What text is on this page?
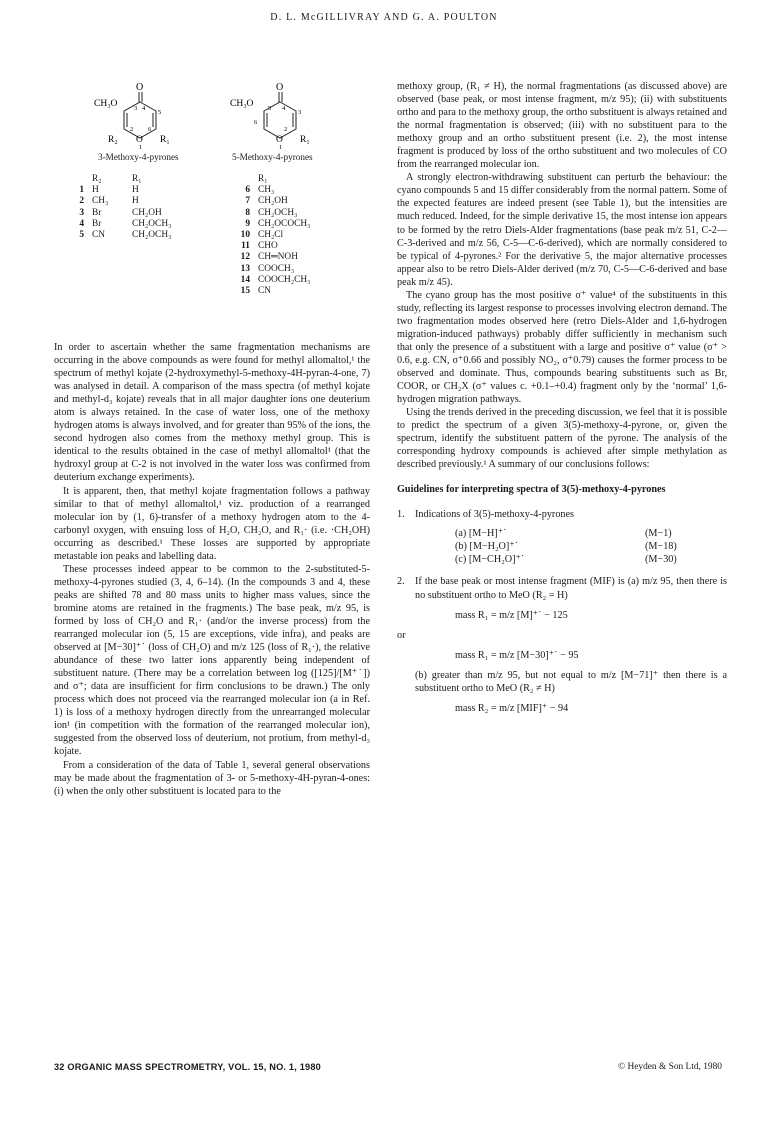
D. L. McGILLIVRAY AND G. A. POULTON
O
CH₃O	3 4
5
2 6
O
1
R₂	R₁
3-Methoxy-4-pyrones
O
CH₃O 5 4
3
6
2
O
1
R₁
5-Methoxy-4-pyrones
R₂	R₁
1 H	H
2 CH₃	H
3 Br	CH₂OH
4 Br	CH₂OCH₃
5 CN	CH₂OCH₃
R₁
6 CH₃
7 CH₂OH
8 CH₂OCH₃
9 CH₂OCOCH₃
10 CH₂Cl
11 CHO
12 CH═NOH
13 COOCH₃
14 COOCH₂CH₃
15 CN

In order to ascertain whether the same fragmentation mechanisms are occurring in the above compounds as were found for methyl allomaltol,¹ the spectrum of methyl kojate (2-hydroxymethyl-5-methoxy-4H-pyran-4-one, 7) was analysed in detail. A comparison of the mass spectra (of methyl kojate and methyl-d₃ kojate) reveals that in all major daughter ions one deuterium atom is always retained. In the case of water loss, one of the methoxy hydrogen atoms is always involved, and for greater than 95% of the ions, the second hydrogen also comes from the methoxy methyl group. This is identical to the results obtained in the case of methyl allomaltol¹ (that the hydroxyl group at C-2 is not involved in the water loss was confirmed from deuterium exchange experiments).

It is apparent, then, that methyl kojate fragmentation follows a pathway similar to that of methyl allomaltol,¹ viz. production of a rearranged molecular ion by (1, 6)-transfer of a methoxy hydrogen atom to the 4-carbonyl oxygen, with ensuing loss of H₂O, CH₂O, and R₁· (i.e. ·CH₂OH) occurring as described.¹ These losses are supported by appropriate metastable ion peaks and labelling data.

These processes indeed appear to be common to the 2-substituted-5-methoxy-4-pyrones studied (3, 4, 6–14). (In the compounds 3 and 4, these peaks are shifted 78 and 80 mass units to higher mass values, since the bromine atoms are retained in the fragments.) The base peak, m/z 95, is formed by loss of CH₂O and R₁· (and/or the inverse process) from the rearranged molecular ion (5, 15 are exceptions, vide infra), and peaks are observed at [M−30]⁺˙ (loss of CH₂O) and m/z 125 (loss of R₁·), the relative abundance of these two latter ions apparently being independent of substituent nature. (There may be a correlation between log ([125]/[M⁺˙]) and σ⁺; data are insufficient for firm conclusions to be drawn.) The only process which does not proceed via the rearranged molecular ion (a in Ref. 1) is loss of a methoxy hydrogen directly from the unrearranged molecular ion¹ (in competition with the formation of the rearranged molecular ion), suggested from the observed loss of deuterium, not protium, from methyl-d₃ kojate.

From a consideration of the data of Table 1, several general observations may be made about the fragmentation of 3- or 5-methoxy-4H-pyran-4-ones: (i) when the only other substituent is located para to the

methoxy group, (R₁ ≠ H), the normal fragmentations (as discussed above) are observed (base peak, or most intense fragment, m/z 95); (ii) with substituents ortho and para to the methoxy group, the ortho substituent is always retained and the normal fragmentation is observed; (iii) with no substituent para to the methoxy group and an ortho substituent present (i.e. 2), the most intense fragment is produced by loss of the ortho substituent and two molecules of CO from the rearranged molecular ion.

A strongly electron-withdrawing substituent can perturb the behaviour: the cyano compounds 5 and 15 differ considerably from the normal pattern. Some of the expected features are indeed present (see Table 1), but the intensities are much reduced. Indeed, for the simple derivative 15, the most intense ion appears to be formed by the retro Diels-Alder fragmentations (base peak m/z 51, C-2—C-3-derived and m/z 56, C-5—C-6-derived), which are normally considered to be typical of 4-pyrones.² For the derivative 5, the major alternative processes appear also to be retro Diels-Alder derived (m/z 70, C-5—C-6-derived and base peak m/z 45).

The cyano group has the most positive σ⁺ value⁴ of the substituents in this study, reflecting its largest response to processes involving electron demand. The two fragmentation modes observed here (retro Diels-Alder and 1,6-hydrogen migration-induced pathways) probably differ sufficiently in mechanism such that only the presence of a substituent with a large and positive σ⁺ value (σ⁺ > 0.6, e.g. CN, σ⁺0.66 and possibly NO₂, σ⁺0.79) causes the former process to be observed and dominate. Thus, compounds bearing substituents such as Br, COOR, or CH₂X (σ⁺ values c. +0.1–+0.4) fragment only by the ‘normal’ 1,6-hydrogen migration pathways.

Using the trends derived in the preceding discussion, we feel that it is possible to predict the spectrum of a given 3(5)-methoxy-4-pyrone, or, given the spectrum, identify the substituent pattern of the pyrone. The analysis of the corresponding hydroxy compounds is achieved after simple methylation as described previously.¹ A summary of our conclusions follows:

Guidelines for interpreting spectra of 3(5)-methoxy-4-pyrones
1. Indications of 3(5)-methoxy-4-pyrones
(a) [M−H]⁺˙	(M−1)
(b) [M−H₂O]⁺˙	(M−18)
(c) [M−CH₂O]⁺˙	(M−30)
2. If the base peak or most intense fragment (MIF) is (a) m/z 95, then there is no substituent ortho to MeO (R₂ = H)
mass R₁ = m/z [M]⁺˙ − 125
or
mass R₁ = m/z [M−30]⁺˙ − 95
(b) greater than m/z 95, but not equal to m/z [M−71]⁺ then there is a substituent ortho to MeO (R₂ ≠ H)
mass R₂ = m/z [MIF]⁺ − 94
32 ORGANIC MASS SPECTROMETRY, VOL. 15, NO. 1, 1980	© Heyden & Son Ltd, 1980
